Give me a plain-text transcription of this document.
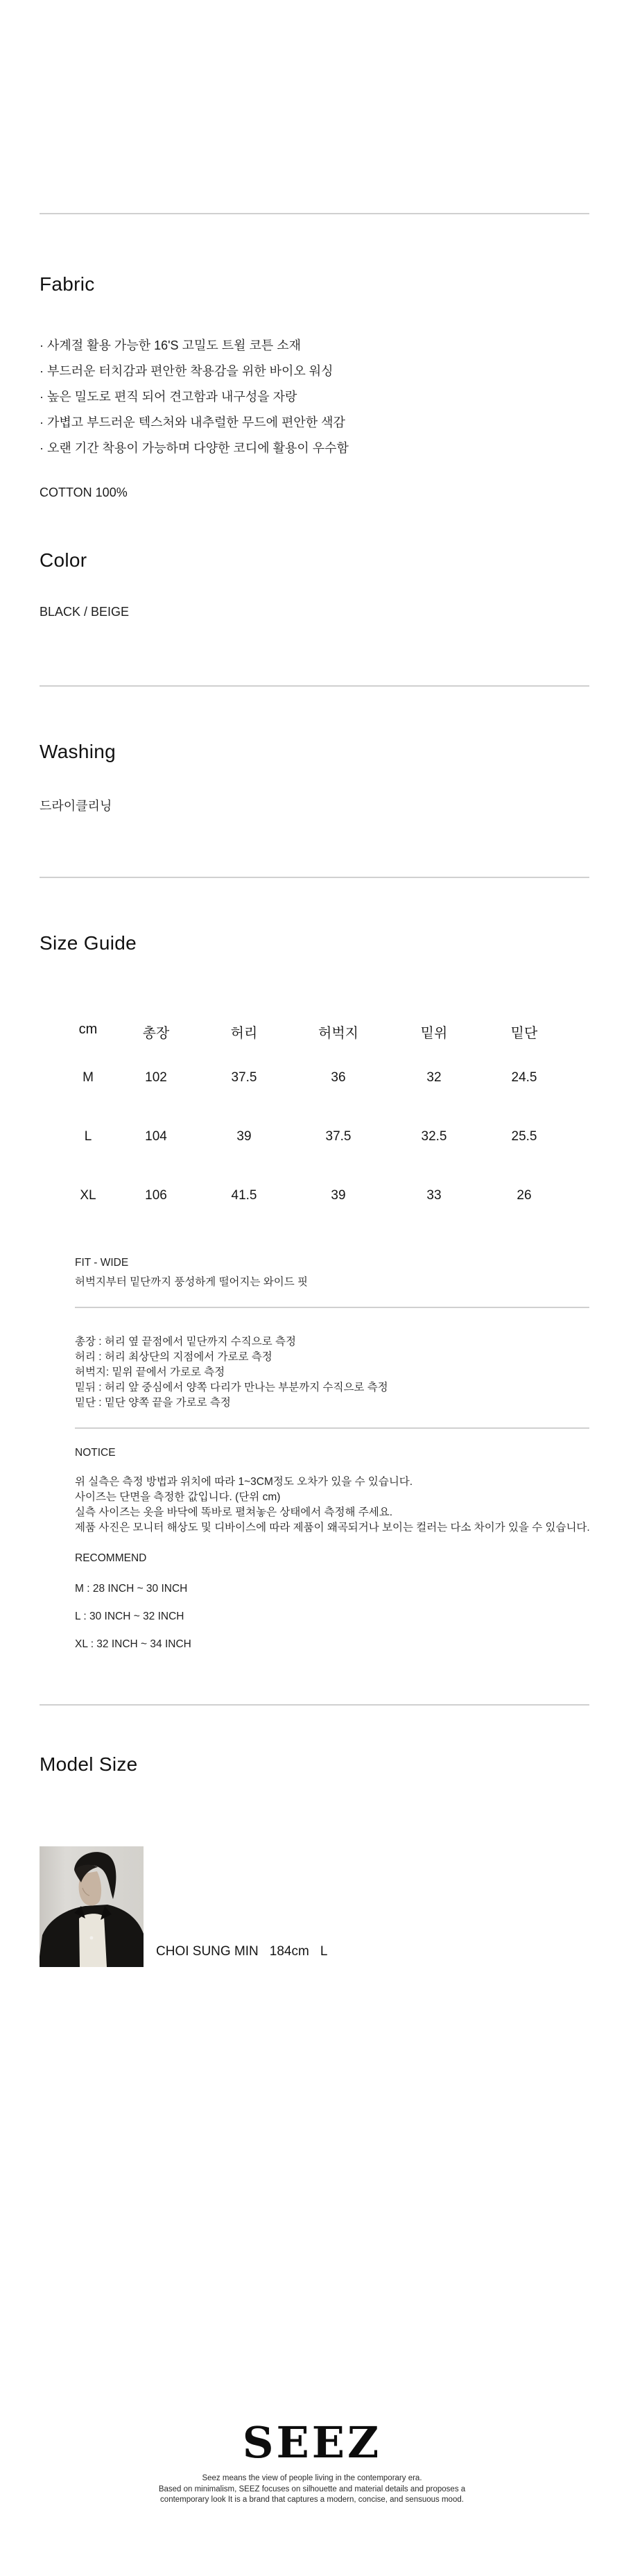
Fabric
· 사계절 활용 가능한 16'S 고밀도 트윌 코튼 소재
· 부드러운 터치감과 편안한 착용감을 위한 바이오 워싱
· 높은 밀도로 편직 되어 견고함과 내구성을 자랑
· 가볍고 부드러운 텍스처와 내추럴한 무드에 편안한 색감
· 오랜 기간 착용이 가능하며 다양한 코디에 활용이 우수함
COTTON 100%
Color
BLACK / BEIGE
Washing
드라이클리닝
Size Guide
cm	총장	허리	허벅지	밑위	밑단
M	102	37.5	36	32	24.5
L	104	39	37.5	32.5	25.5
XL	106	41.5	39	33	26
FIT - WIDE
허벅지부터 밑단까지 풍성하게 떨어지는 와이드 핏
총장 : 허리 옆 끝점에서 밑단까지 수직으로 측정
허리 : 허리 최상단의 지점에서 가로로 측정
허벅지: 밑위 끝에서 가로로 측정
밑뒤 : 허리 앞 중심에서 양쪽 다리가 만나는 부분까지 수직으로 측정
밑단 : 밑단 양쪽 끝을 가로로 측정
NOTICE
위 실측은 측정 방법과 위치에 따라 1~3CM정도 오차가 있을 수 있습니다.
사이즈는 단면을 측정한 값입니다. (단위 cm)
실측 사이즈는 옷을 바닥에 똑바로 펼쳐놓은 상태에서 측정해 주세요.
제품 사진은 모니터 해상도 및 디바이스에 따라 제품이 왜곡되거나 보이는 컬러는 다소 차이가 있을 수 있습니다.
RECOMMEND
M : 28 INCH ~ 30 INCH
L : 30 INCH ~ 32 INCH
XL : 32 INCH ~ 34 INCH
Model Size
CHOI SUNG MIN 184cm L
SEEZ
Seez means the view of people living in the contemporary era.
Based on minimalism, SEEZ focuses on silhouette and material details and proposes a
contemporary look It is a brand that captures a modern, concise, and sensuous mood.
